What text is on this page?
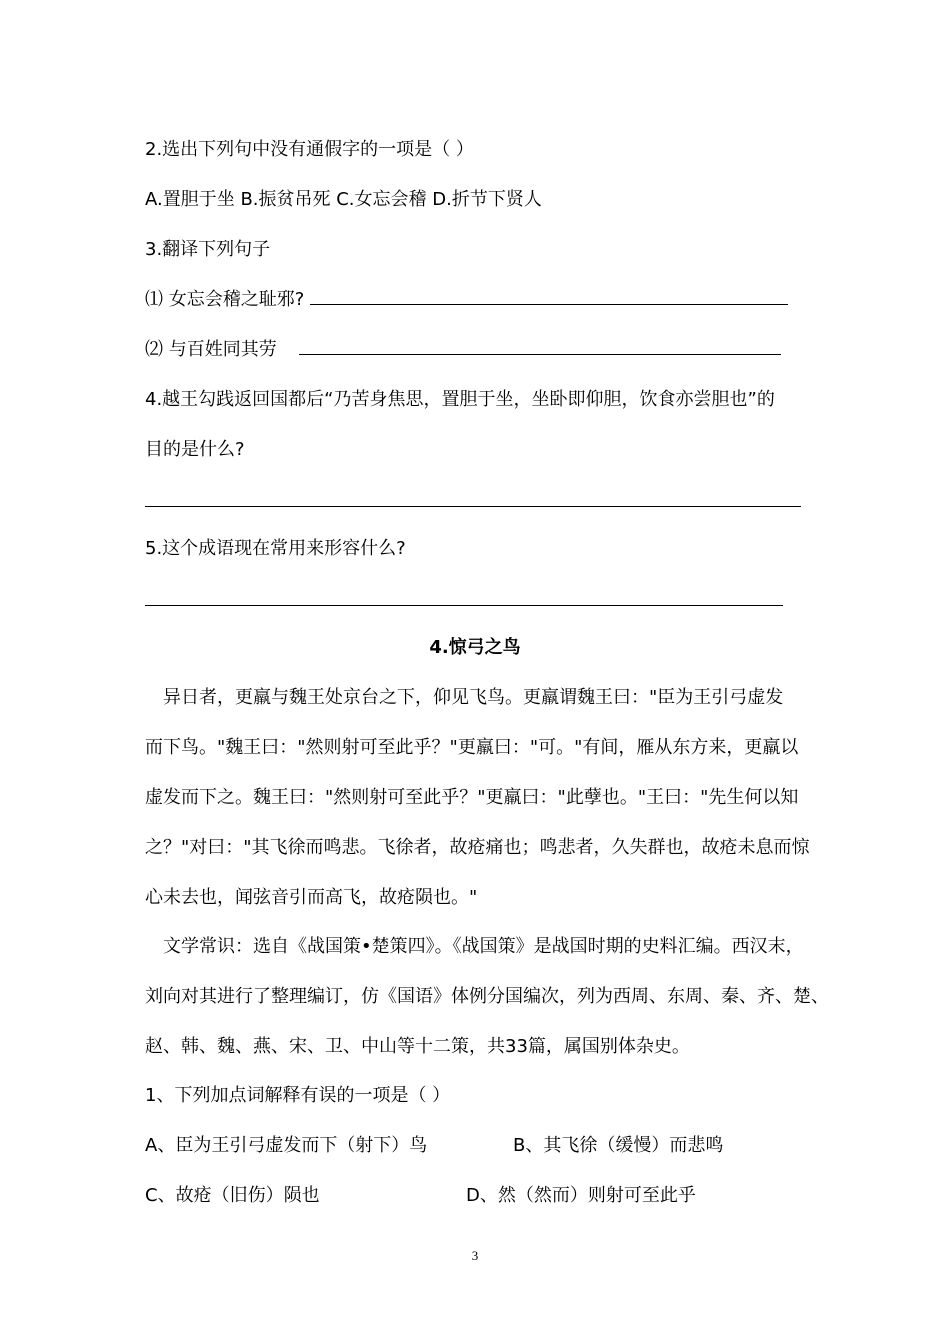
2.选出下列句中没有通假字的一项是（ ）
A.置胆于坐 B.振贫吊死 C.女忘会稽 D.折节下贤人
3.翻译下列句子
⑴ 女忘会稽之耻邪?
⑵ 与百姓同其劳
4.越王勾践返回国都后“乃苦身焦思，置胆于坐，坐卧即仰胆，饮食亦尝胆也”的
目的是什么?
5.这个成语现在常用来形容什么?
4.惊弓之鸟
　异日者，更羸与魏王处京台之下，仰见飞鸟。更羸谓魏王曰："臣为王引弓虚发
而下鸟。"魏王曰："然则射可至此乎？"更羸曰："可。"有间，雁从东方来，更羸以
虚发而下之。魏王曰："然则射可至此乎？"更羸曰："此孽也。"王曰："先生何以知
之？"对曰："其飞徐而鸣悲。飞徐者，故疮痛也；鸣悲者，久失群也，故疮未息而惊
心未去也，闻弦音引而高飞，故疮陨也。"
　文学常识：选自《战国策•楚策四》。《战国策》是战国时期的史料汇编。西汉末，
刘向对其进行了整理编订，仿《国语》体例分国编次，列为西周、东周、秦、齐、楚、
赵、韩、魏、燕、宋、卫、中山等十二策，共33篇，属国别体杂史。
1、下列加点词解释有误的一项是（ ）
A、臣为王引弓虚发而下（射下）鸟	B、其飞徐（缓慢）而悲鸣
C、故疮（旧伤）陨也	D、然（然而）则射可至此乎
3
